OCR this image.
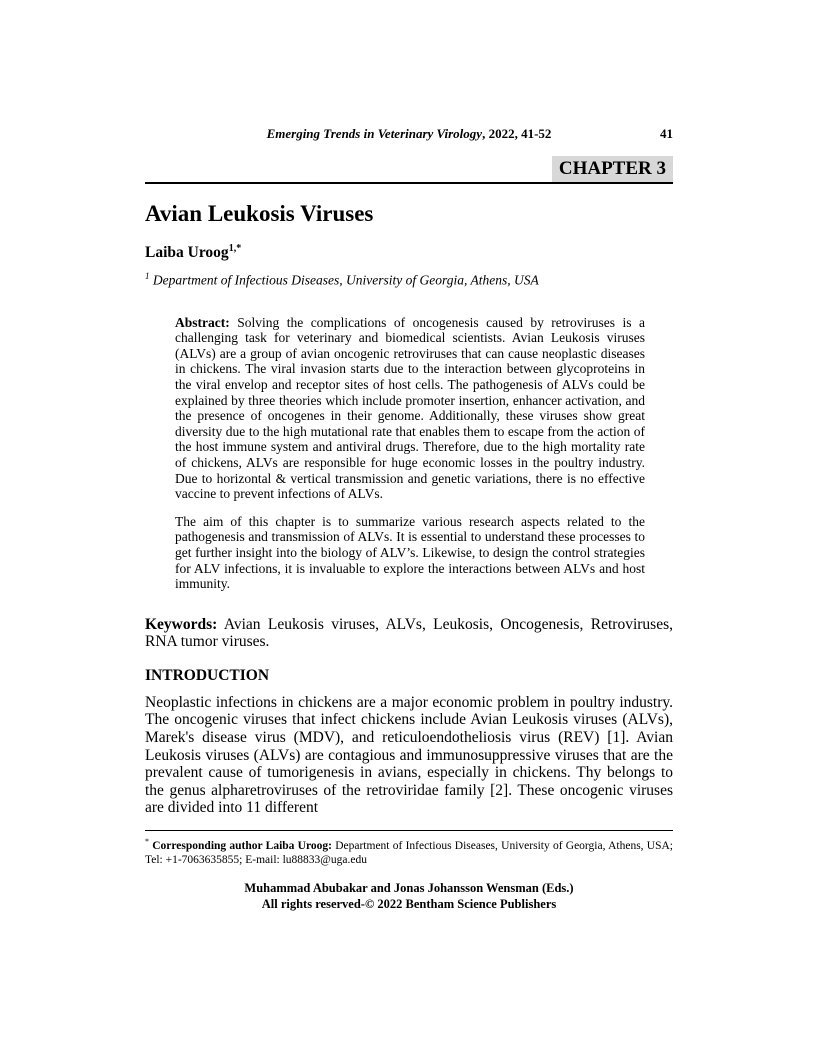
Emerging Trends in Veterinary Virology, 2022, 41-52	41
CHAPTER 3
Avian Leukosis Viruses
Laiba Uroog$^{1,*}$
$^1$ Department of Infectious Diseases, University of Georgia, Athens, USA

Abstract: Solving the complications of oncogenesis caused by retroviruses is a challenging task for veterinary and biomedical scientists. Avian Leukosis viruses (ALVs) are a group of avian oncogenic retroviruses that can cause neoplastic diseases in chickens. The viral invasion starts due to the interaction between glycoproteins in the viral envelop and receptor sites of host cells. The pathogenesis of ALVs could be explained by three theories which include promoter insertion, enhancer activation, and the presence of oncogenes in their genome. Additionally, these viruses show great diversity due to the high mutational rate that enables them to escape from the action of the host immune system and antiviral drugs. Therefore, due to the high mortality rate of chickens, ALVs are responsible for huge economic losses in the poultry industry. Due to horizontal & vertical transmission and genetic variations, there is no effective vaccine to prevent infections of ALVs.

The aim of this chapter is to summarize various research aspects related to the pathogenesis and transmission of ALVs. It is essential to understand these processes to get further insight into the biology of ALV’s. Likewise, to design the control strategies for ALV infections, it is invaluable to explore the interactions between ALVs and host immunity.

Keywords: Avian Leukosis viruses, ALVs, Leukosis, Oncogenesis, Retroviruses, RNA tumor viruses.

INTRODUCTION

Neoplastic infections in chickens are a major economic problem in poultry industry. The oncogenic viruses that infect chickens include Avian Leukosis viruses (ALVs), Marek's disease virus (MDV), and reticuloendotheliosis virus (REV) [1]. Avian Leukosis viruses (ALVs) are contagious and immunosuppressive viruses that are the prevalent cause of tumorigenesis in avians, especially in chickens. Thy belongs to the genus alpharetroviruses of the retroviridae family [2]. These oncogenic viruses are divided into 11 different

* Corresponding author Laiba Uroog: Department of Infectious Diseases, University of Georgia, Athens, USA; Tel: +1-7063635855; E-mail: lu88833@uga.edu
Muhammad Abubakar and Jonas Johansson Wensman (Eds.)
All rights reserved-© 2022 Bentham Science Publishers
